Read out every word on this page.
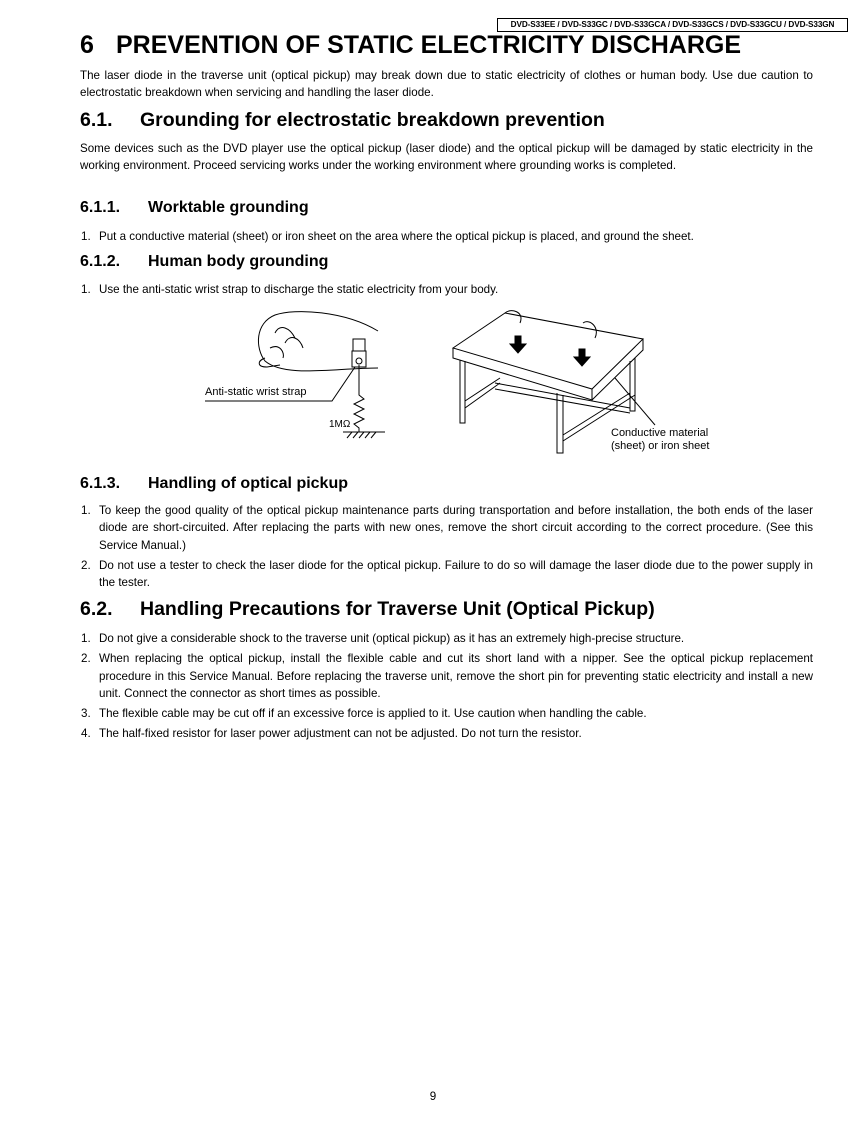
DVD-S33EE / DVD-S33GC / DVD-S33GCA / DVD-S33GCS / DVD-S33GCU / DVD-S33GN
6 PREVENTION OF STATIC ELECTRICITY DISCHARGE
The laser diode in the traverse unit (optical pickup) may break down due to static electricity of clothes or human body. Use due caution to electrostatic breakdown when servicing and handling the laser diode.
6.1. Grounding for electrostatic breakdown prevention
Some devices such as the DVD player use the optical pickup (laser diode) and the optical pickup will be damaged by static electricity in the working environment. Proceed servicing works under the working environment where grounding works is completed.
6.1.1. Worktable grounding
1. Put a conductive material (sheet) or iron sheet on the area where the optical pickup is placed, and ground the sheet.
6.1.2. Human body grounding
1. Use the anti-static wrist strap to discharge the static electricity from your body.
Anti-static wrist strap
1MΩ
Conductive material
(sheet) or iron sheet
6.1.3. Handling of optical pickup
1. To keep the good quality of the optical pickup maintenance parts during transportation and before installation, the both ends of the laser diode are short-circuited. After replacing the parts with new ones, remove the short circuit according to the correct procedure. (See this Service Manual.)
2. Do not use a tester to check the laser diode for the optical pickup. Failure to do so will damage the laser diode due to the power supply in the tester.
6.2. Handling Precautions for Traverse Unit (Optical Pickup)
1. Do not give a considerable shock to the traverse unit (optical pickup) as it has an extremely high-precise structure.
2. When replacing the optical pickup, install the flexible cable and cut its short land with a nipper. See the optical pickup replacement procedure in this Service Manual. Before replacing the traverse unit, remove the short pin for preventing static electricity and install a new unit. Connect the connector as short times as possible.
3. The flexible cable may be cut off if an excessive force is applied to it. Use caution when handling the cable.
4. The half-fixed resistor for laser power adjustment can not be adjusted. Do not turn the resistor.
9
